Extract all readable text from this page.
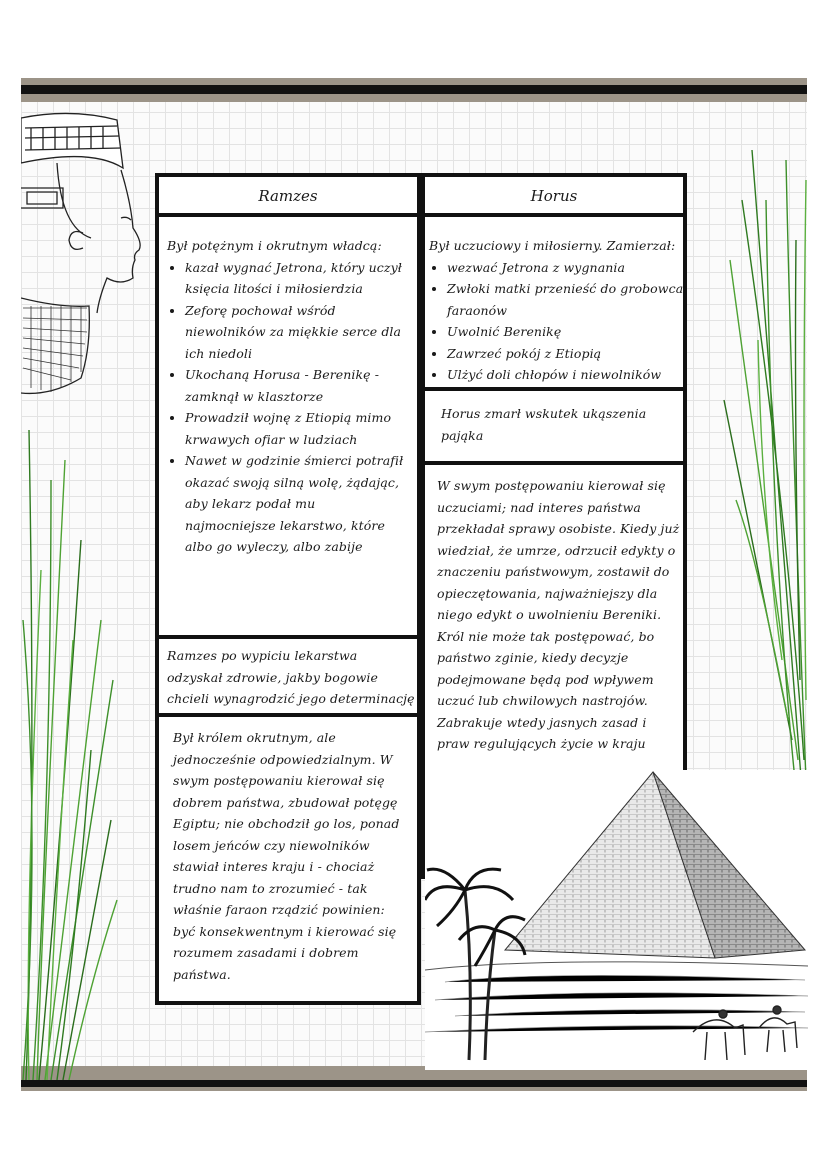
Ramzes
Był potężnym i okrutnym władcą:
• kazał wygnać Jetrona, który uczył księcia litości i miłosierdzia
• Zeforę pochował wśród niewolników za miękkie serce dla ich niedoli
• Ukochaną Horusa - Berenikę - zamknął w klasztorze
• Prowadził wojnę z Etiopią mimo krwawych ofiar w ludziach
• Nawet w godzinie śmierci potrafił okazać swoją silną wolę, żądając, aby lekarz podał mu najmocniejsze lekarstwo, które albo go wyleczy, albo zabije
Ramzes po wypiciu lekarstwa odzyskał zdrowie, jakby bogowie chcieli wynagrodzić jego determinację
Był królem okrutnym, ale jednocześnie odpowiedzialnym. W swym postępowaniu kierował się dobrem państwa, zbudował potęgę Egiptu; nie obchodził go los, ponad losem jeńców czy niewolników stawiał interes kraju i - chociaż trudno nam to zrozumieć - tak właśnie faraon rządzić powinien: być konsekwentnym i kierować się rozumem zasadami i dobrem państwa.
Horus
Był uczuciowy i miłosierny. Zamierzał:
• wezwać Jetrona z wygnania
• Zwłoki matki przenieść do grobowca faraonów
• Uwolnić Berenikę
• Zawrzeć pokój z Etiopią
• Ulżyć doli chłopów i niewolników
Horus zmarł wskutek ukąszenia pająka
W swym postępowaniu kierował się uczuciami; nad interes państwa przekładał sprawy osobiste. Kiedy już wiedział, że umrze, odrzucił edykty o znaczeniu państwowym, zostawił do opieczętowania, najważniejszy dla niego edykt o uwolnieniu Bereniki. Król nie może tak postępować, bo państwo zginie, kiedy decyzje podejmowane będą pod wpływem uczuć lub chwilowych nastrojów. Zabrakuje wtedy jasnych zasad i praw regulujących życie w kraju
